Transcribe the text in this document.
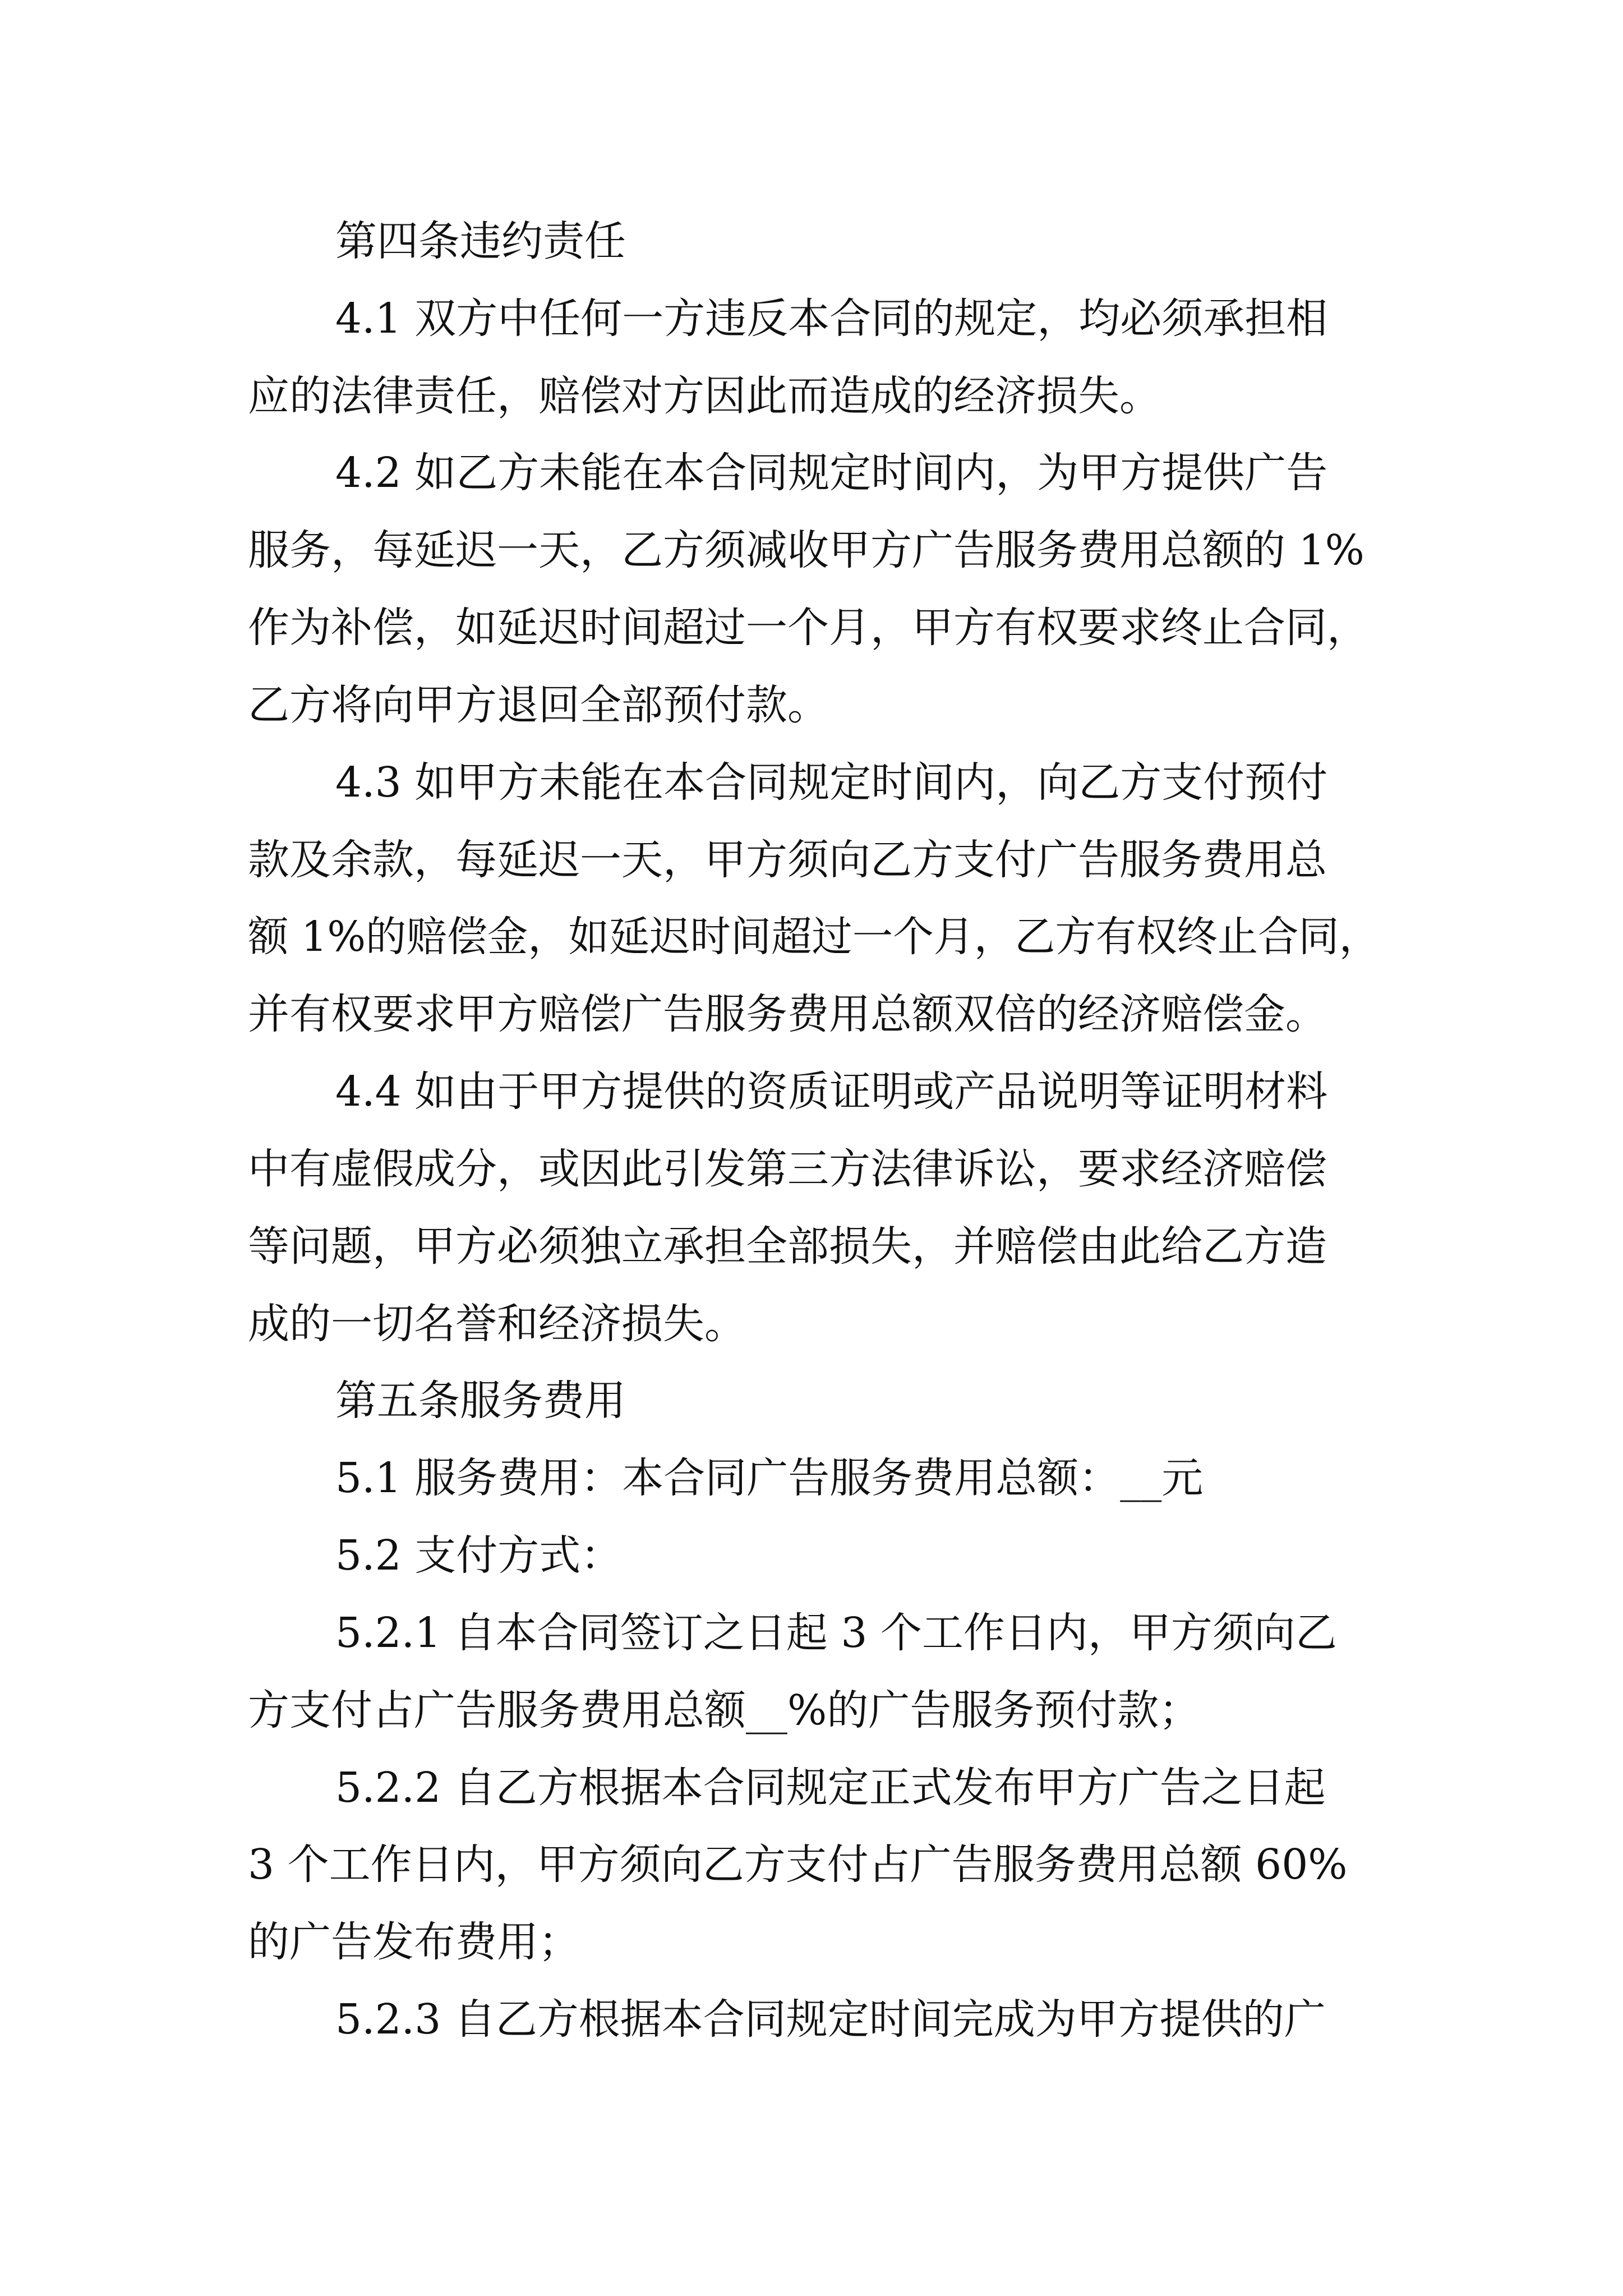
第四条违约责任
4.1 双方中任何一方违反本合同的规定，均必须承担相
应的法律责任，赔偿对方因此而造成的经济损失。
4.2 如乙方未能在本合同规定时间内，为甲方提供广告
服务，每延迟一天，乙方须减收甲方广告服务费用总额的 1%
作为补偿，如延迟时间超过一个月，甲方有权要求终止合同，
乙方将向甲方退回全部预付款。
4.3 如甲方未能在本合同规定时间内，向乙方支付预付
款及余款，每延迟一天，甲方须向乙方支付广告服务费用总
额 1%的赔偿金，如延迟时间超过一个月，乙方有权终止合同，
并有权要求甲方赔偿广告服务费用总额双倍的经济赔偿金。
4.4 如由于甲方提供的资质证明或产品说明等证明材料
中有虚假成分，或因此引发第三方法律诉讼，要求经济赔偿
等问题，甲方必须独立承担全部损失，并赔偿由此给乙方造
成的一切名誉和经济损失。
第五条服务费用
5.1 服务费用：本合同广告服务费用总额：__元
5.2 支付方式：
5.2.1 自本合同签订之日起 3 个工作日内，甲方须向乙
方支付占广告服务费用总额__%的广告服务预付款；
5.2.2 自乙方根据本合同规定正式发布甲方广告之日起
3 个工作日内，甲方须向乙方支付占广告服务费用总额 60%
的广告发布费用；
5.2.3 自乙方根据本合同规定时间完成为甲方提供的广
